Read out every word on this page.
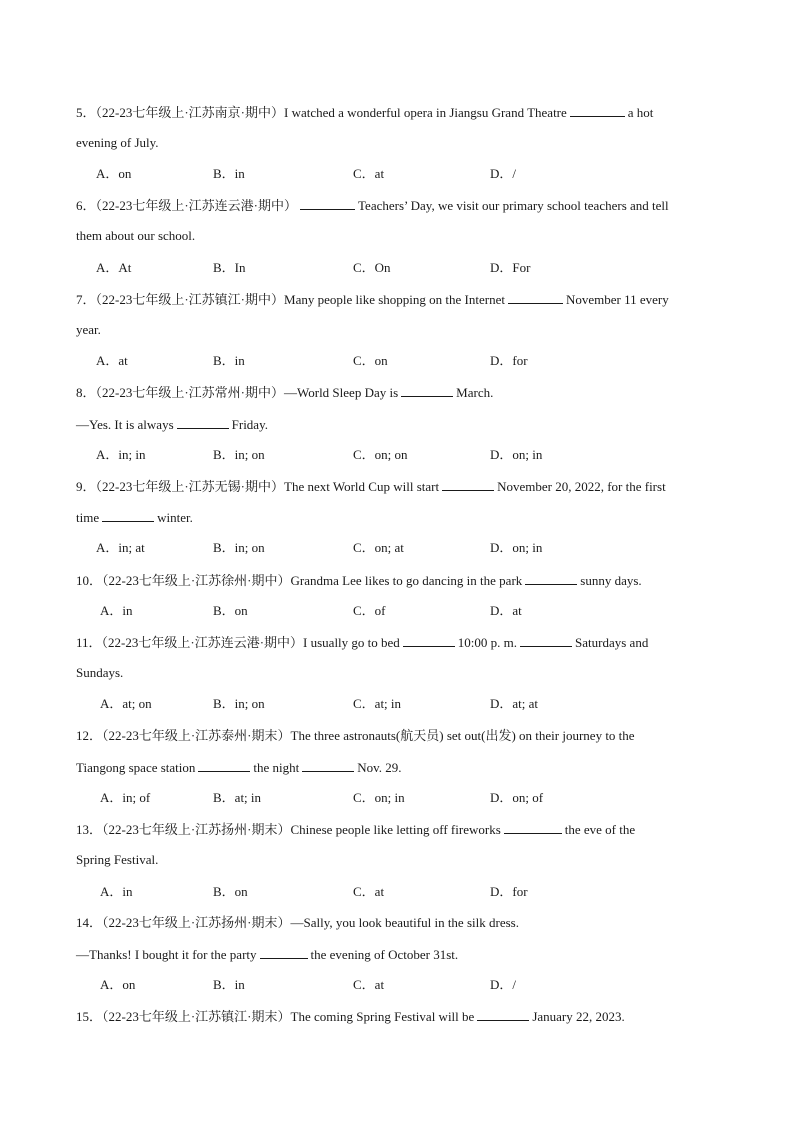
5．（22-23七年级上·江苏南京·期中）I watched a wonderful opera in Jiangsu Grand Theatre	a hot
evening of July.
A．on	B．in	C．at	D．/
6．（22-23七年级上·江苏连云港·期中）	Teachers’ Day, we visit our primary school teachers and tell
them about our school.
A．At	B．In	C．On	D．For
7．（22-23七年级上·江苏镇江·期中）Many people like shopping on the Internet	November 11 every
year.
A．at	B．in	C．on	D．for
8．（22-23七年级上·江苏常州·期中）—World Sleep Day is	March.
—Yes. It is always	Friday.
A．in; in	B．in; on	C．on; on	D．on; in
9．（22-23七年级上·江苏无锡·期中）The next World Cup will start	November 20, 2022, for the first
time	winter.
A．in; at	B．in; on	C．on; at	D．on; in
10．（22-23七年级上·江苏徐州·期中）Grandma Lee likes to go dancing in the park	sunny days.
A．in	B．on	C．of	D．at
11．（22-23七年级上·江苏连云港·期中）I usually go to bed	10:00 p. m.	Saturdays and
Sundays.
A．at; on	B．in; on	C．at; in	D．at; at
12．（22-23七年级上·江苏泰州·期末）The three astronauts(航天员) set out(出发) on their journey to the
Tiangong space station	the night	Nov. 29.
A．in; of	B．at; in	C．on; in	D．on; of
13．（22-23七年级上·江苏扬州·期末）Chinese people like letting off fireworks	the eve of the
Spring Festival.
A．in	B．on	C．at	D．for
14．（22-23七年级上·江苏扬州·期末）—Sally, you look beautiful in the silk dress.
—Thanks! I bought it for the party	the evening of October 31st.
A．on	B．in	C．at	D．/
15．（22-23七年级上·江苏镇江·期末）The coming Spring Festival will be	January 22, 2023.
